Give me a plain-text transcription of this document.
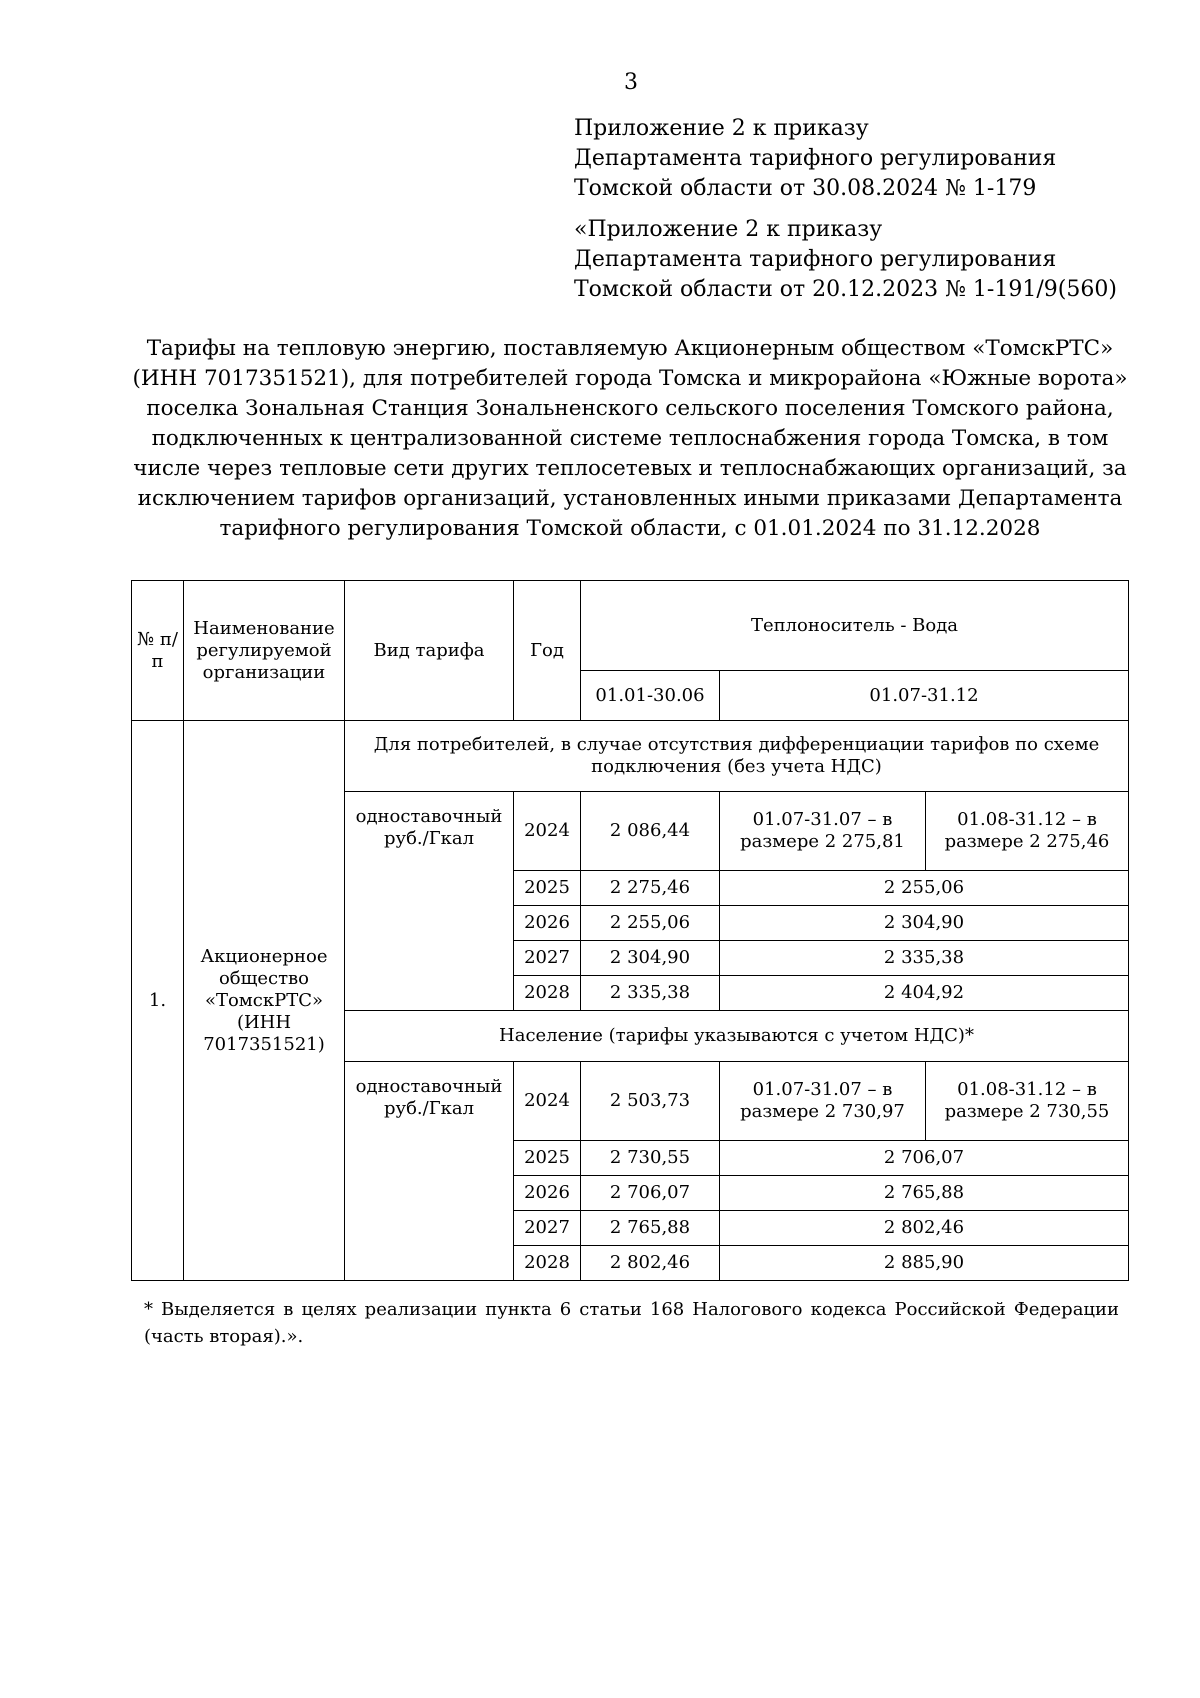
3
Приложение 2 к приказу
Департамента тарифного регулирования
Томской области от 30.08.2024 № 1-179
«Приложение 2 к приказу
Департамента тарифного регулирования
Томской области от 20.12.2023 № 1-191/9(560)
Тарифы на тепловую энергию, поставляемую Акционерным обществом «ТомскРТС»
(ИНН 7017351521), для потребителей города Томска и микрорайона «Южные ворота»
поселка Зональная Станция Зональненского сельского поселения Томского района,
подключенных к централизованной системе теплоснабжения города Томска, в том
числе через тепловые сети других теплосетевых и теплоснабжающих организаций, за
исключением тарифов организаций, установленных иными приказами Департамента
тарифного регулирования Томской области, с 01.01.2024 по 31.12.2028
№ п/п	Наименование регулируемой организации	Вид тарифа	Год	Теплоноситель - Вода		
				01.01-30.06	01.07-31.12	
1.	Акционерное общество «ТомскРТС» (ИНН 7017351521)	Для потребителей, в случае отсутствия дифференциации тарифов по схеме подключения (без учета НДС)				
		одноставочный руб./Гкал	2024	2 086,44	01.07-31.07 – в размере 2 275,81	01.08-31.12 – в размере 2 275,46
			2025	2 275,46	2 255,06	
			2026	2 255,06	2 304,90	
			2027	2 304,90	2 335,38	
			2028	2 335,38	2 404,92	
		Население (тарифы указываются с учетом НДС)*				
		одноставочный руб./Гкал	2024	2 503,73	01.07-31.07 – в размере 2 730,97	01.08-31.12 – в размере 2 730,55
			2025	2 730,55	2 706,07	
			2026	2 706,07	2 765,88	
			2027	2 765,88	2 802,46	
			2028	2 802,46	2 885,90	
* Выделяется в целях реализации пункта 6 статьи 168 Налогового кодекса Российской Федерации (часть вторая).».
